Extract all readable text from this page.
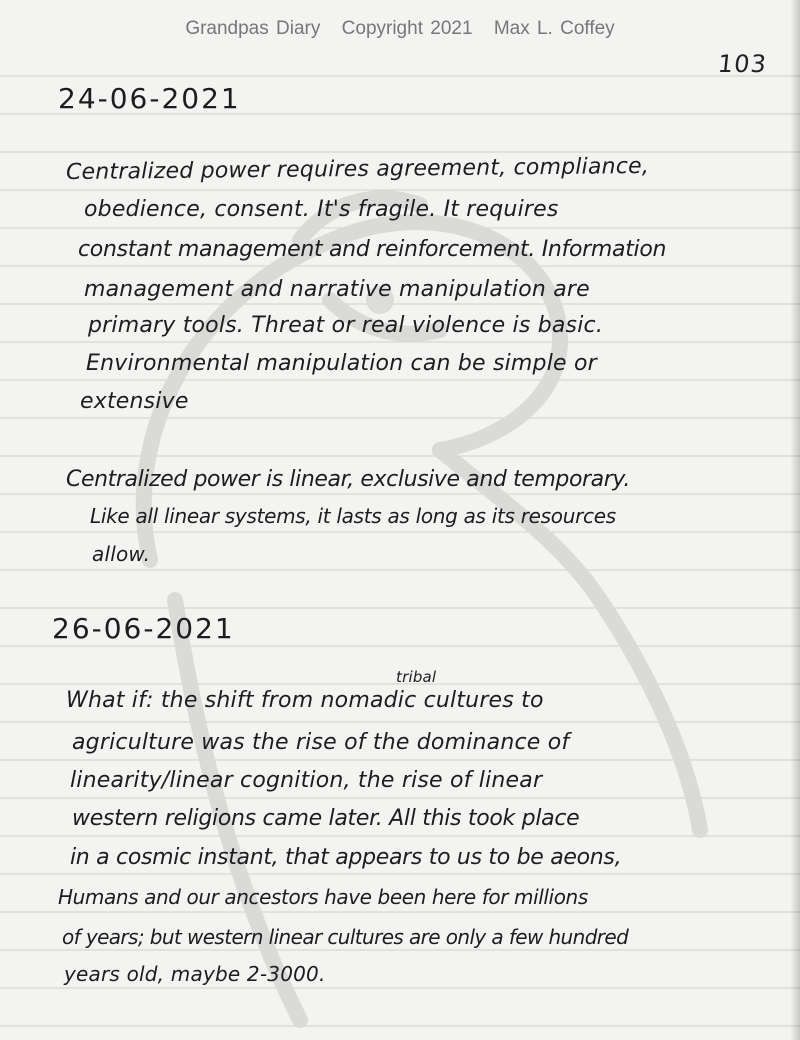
Grandpas Diary Copyright 2021 Max L. Coffey
103
24-06-2021
Centralized power requires agreement, compliance,
obedience, consent. It's fragile. It requires
constant management and reinforcement. Information
management and narrative manipulation are
primary tools. Threat or real violence is basic.
Environmental manipulation can be simple or
extensive
Centralized power is linear, exclusive and temporary.
Like all linear systems, it lasts as long as its resources
allow.
26-06-2021
tribal
What if: the shift from nomadic cultures to
agriculture was the rise of the dominance of
linearity/linear cognition, the rise of linear
western religions came later. All this took place
in a cosmic instant, that appears to us to be aeons,
Humans and our ancestors have been here for millions
of years; but western linear cultures are only a few hundred
years old, maybe 2-3000.
